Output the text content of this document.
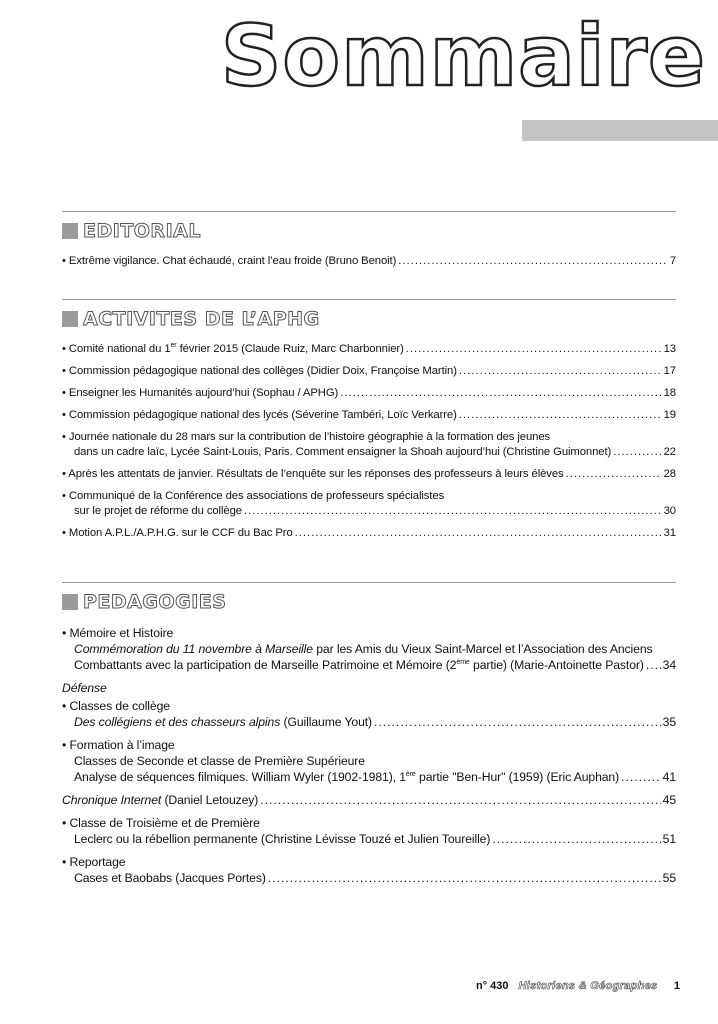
Sommaire
EDITORIAL
• Extrême vigilance. Chat échaudé, craint l’eau froide (Bruno Benoit) .....	7
ACTIVITES DE L’APHG
• Comité national du 1er février 2015 (Claude Ruiz, Marc Charbonnier) .....	13
• Commission pédagogique national des collèges (Didier Doix, Françoise Martin) .....	17
• Enseigner les Humanités aujourd’hui (Sophau / APHG) .....	18
• Commission pédagogique national des lycés (Séverine Tambéri, Loïc Verkarre) .....	19
• Journée nationale du 28 mars sur la contribution de l’histoire géographie à la formation des jeunes
dans un cadre laïc, Lycée Saint-Louis, Paris. Comment ensaigner la Shoah aujourd’hui (Christine Guimonnet) .....	22
• Après les attentats de janvier. Résultats de l’enquête sur les réponses des professeurs à leurs élèves .....	28
• Communiqué de la Conférence des associations de professeurs spécialistes
sur le projet de réforme du collège .....	30
• Motion A.P.L./A.P.H.G. sur le CCF du Bac Pro .....	31
PEDAGOGIES
• Mémoire et Histoire
Commémoration du 11 novembre à Marseille par les Amis du Vieux Saint-Marcel et l’Association des Anciens
Combattants avec la participation de Marseille Patrimoine et Mémoire (2ème partie) (Marie-Antoinette Pastor) ..... 34
Défense
• Classes de collège
Des collégiens et des chasseurs alpins (Guillaume Yout) .....	35
• Formation à l’image
Classes de Seconde et classe de Première Supérieure
Analyse de séquences filmiques. William Wyler (1902-1981), 1ère partie "Ben-Hur" (1959) (Eric Auphan) .....	41
Chronique Internet (Daniel Letouzey) .....	45
• Classe de Troisième et de Première
Leclerc ou la rébellion permanente (Christine Lévisse Touzé et Julien Toureille) .....	51
• Reportage
Cases et Baobabs (Jacques Portes) .....	55
n° 430 Historiens & Géographes	1
